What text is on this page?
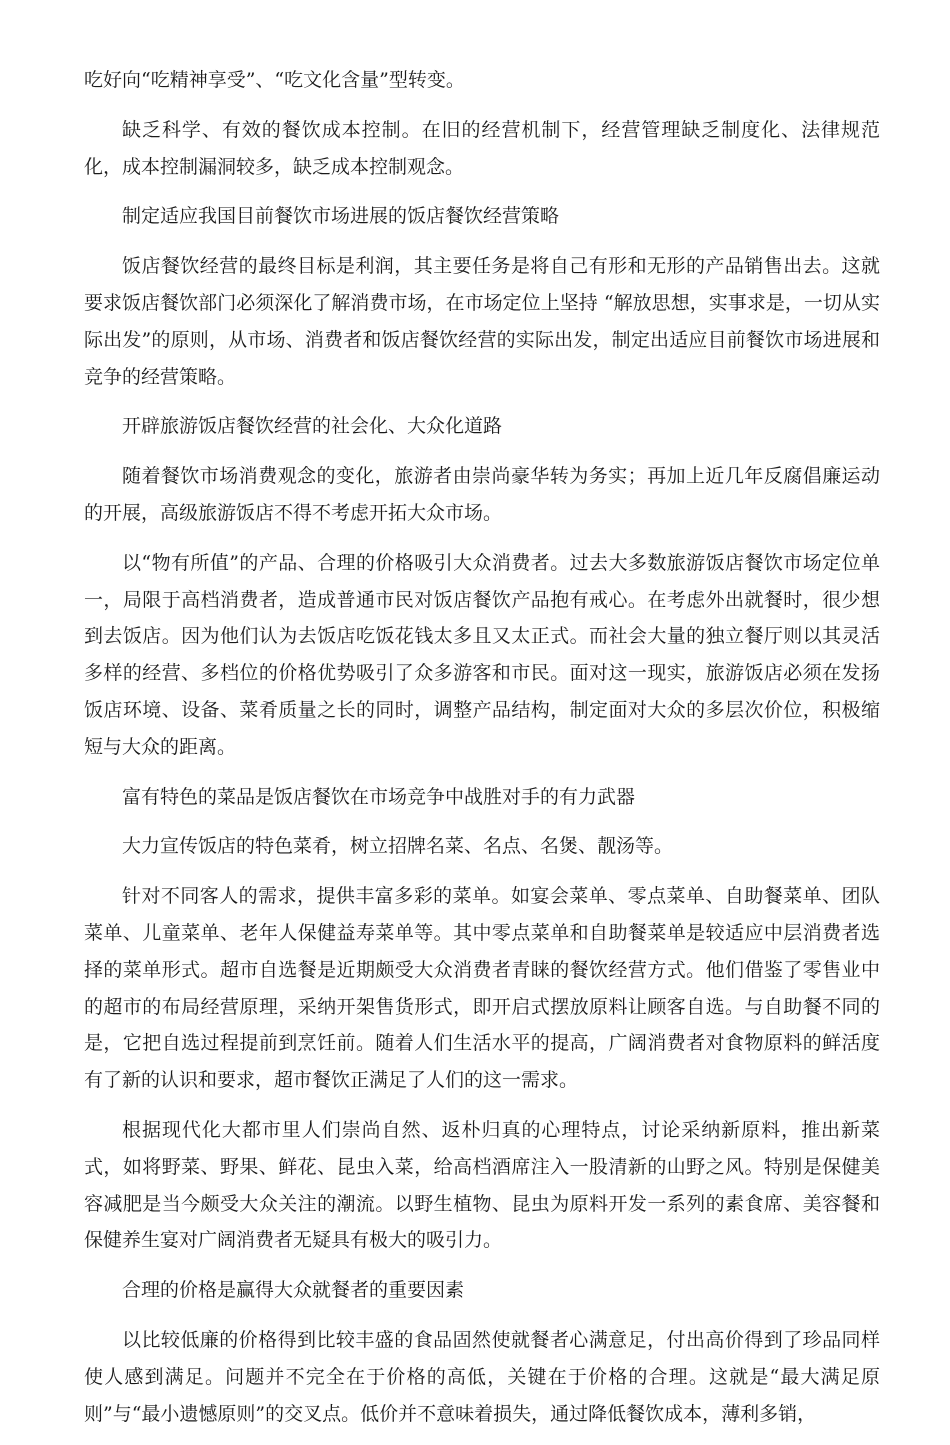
吃好向“吃精神享受”、“吃文化含量”型转变。

缺乏科学、有效的餐饮成本控制。在旧的经营机制下，经营管理缺乏制度化、法律规范化，成本控制漏洞较多，缺乏成本控制观念。

制定适应我国目前餐饮市场进展的饭店餐饮经营策略

饭店餐饮经营的最终目标是利润，其主要任务是将自己有形和无形的产品销售出去。这就要求饭店餐饮部门必须深化了解消费市场，在市场定位上坚持 “解放思想，实事求是，一切从实际出发”的原则，从市场、消费者和饭店餐饮经营的实际出发，制定出适应目前餐饮市场进展和竞争的经营策略。

开辟旅游饭店餐饮经营的社会化、大众化道路

随着餐饮市场消费观念的变化，旅游者由崇尚豪华转为务实；再加上近几年反腐倡廉运动的开展，高级旅游饭店不得不考虑开拓大众市场。

以“物有所值”的产品、合理的价格吸引大众消费者。过去大多数旅游饭店餐饮市场定位单一，局限于高档消费者，造成普通市民对饭店餐饮产品抱有戒心。在考虑外出就餐时，很少想到去饭店。因为他们认为去饭店吃饭花钱太多且又太正式。而社会大量的独立餐厅则以其灵活多样的经营、多档位的价格优势吸引了众多游客和市民。面对这一现实，旅游饭店必须在发扬饭店环境、设备、菜肴质量之长的同时，调整产品结构，制定面对大众的多层次价位，积极缩短与大众的距离。

富有特色的菜品是饭店餐饮在市场竞争中战胜对手的有力武器

大力宣传饭店的特色菜肴，树立招牌名菜、名点、名煲、靓汤等。

针对不同客人的需求，提供丰富多彩的菜单。如宴会菜单、零点菜单、自助餐菜单、团队菜单、儿童菜单、老年人保健益寿菜单等。其中零点菜单和自助餐菜单是较适应中层消费者选择的菜单形式。超市自选餐是近期颇受大众消费者青睐的餐饮经营方式。他们借鉴了零售业中的超市的布局经营原理，采纳开架售货形式，即开启式摆放原料让顾客自选。与自助餐不同的是，它把自选过程提前到烹饪前。随着人们生活水平的提高，广阔消费者对食物原料的鲜活度有了新的认识和要求，超市餐饮正满足了人们的这一需求。

根据现代化大都市里人们崇尚自然、返朴归真的心理特点，讨论采纳新原料，推出新菜式，如将野菜、野果、鲜花、昆虫入菜，给高档酒席注入一股清新的山野之风。特别是保健美容减肥是当今颇受大众关注的潮流。以野生植物、昆虫为原料开发一系列的素食席、美容餐和保健养生宴对广阔消费者无疑具有极大的吸引力。

合理的价格是赢得大众就餐者的重要因素

以比较低廉的价格得到比较丰盛的食品固然使就餐者心满意足，付出高价得到了珍品同样使人感到满足。问题并不完全在于价格的高低，关键在于价格的合理。这就是“最大满足原则”与“最小遗憾原则”的交叉点。低价并不意味着损失，通过降低餐饮成本，薄利多销，
